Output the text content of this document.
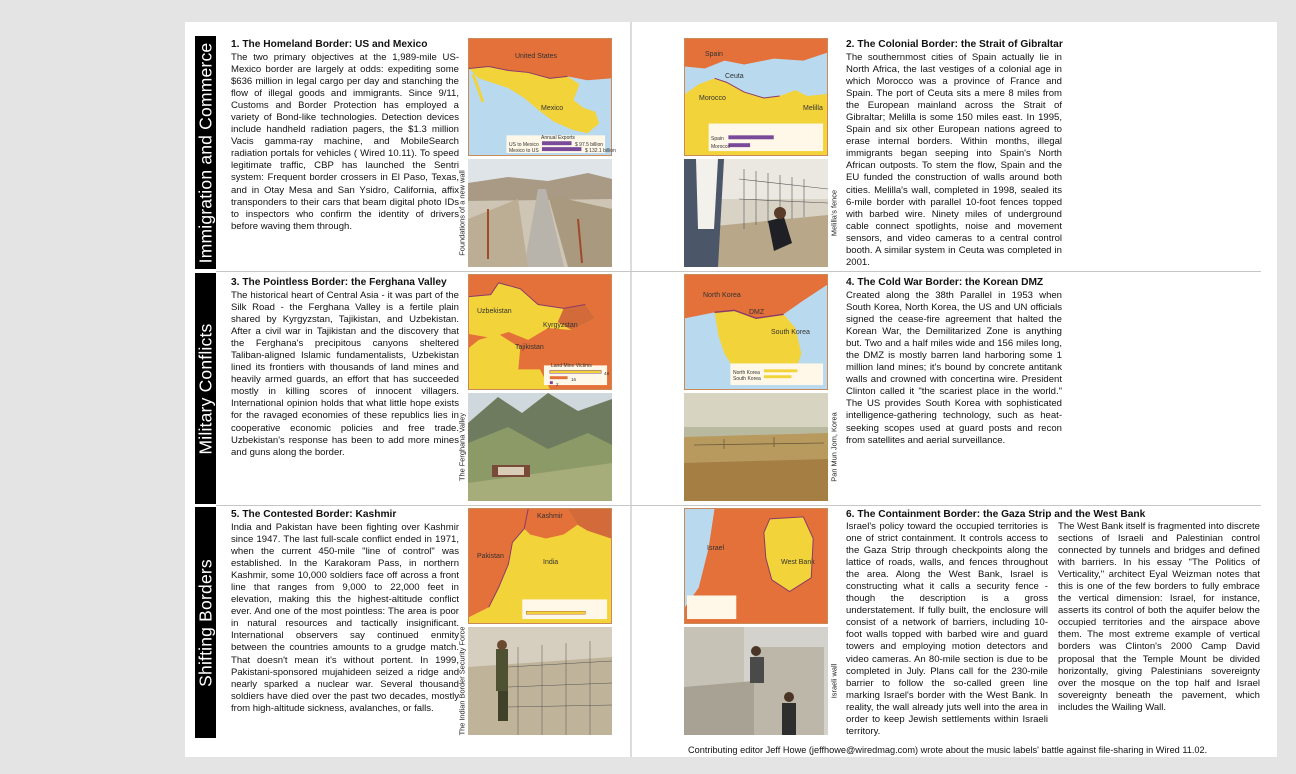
Immigration and Commerce
Military Conflicts
Shifting Borders
1. The Homeland Border: US and Mexico

The two primary objectives at the 1,989-mile US-Mexico border are largely at odds: expediting some $636 million in legal cargo per day and stanching the flow of illegal goods and immigrants. Since 9/11, Customs and Border Protection has employed a variety of Bond-like technologies. Detection devices include handheld radiation pagers, the $1.3 million Vacis gamma-ray machine, and MobileSearch radiation portals for vehicles ( Wired 10.11). To speed legitimate traffic, CBP has launched the Sentri system: Frequent border crossers in El Paso, Texas, and in Otay Mesa and San Ysidro, California, affix transponders to their cars that beam digital photo IDs to inspectors who confirm the identity of drivers before waving them through.

United States
Mexico
Annual Exports
US to Mexico
Mexico to US
$ 97.5 billion
$ 132.1 billion
Foundations of a new wall
Spain
Ceuta
Morocco
Melilla
Spain
Morocco
Melilla's fence
2. The Colonial Border: the Strait of Gibraltar

The southernmost cities of Spain actually lie in North Africa, the last vestiges of a colonial age in which Morocco was a province of France and Spain. The port of Ceuta sits a mere 8 miles from the European mainland across the Strait of Gibraltar; Melilla is some 150 miles east. In 1995, Spain and six other European nations agreed to erase internal borders. Within months, illegal immigrants began seeping into Spain's North African outposts. To stem the flow, Spain and the EU funded the construction of walls around both cities. Melilla's wall, completed in 1998, sealed its 6-mile border with parallel 10-foot fences topped with barbed wire. Ninety miles of underground cable connect spotlights, noise and movement sensors, and video cameras to a central control booth. A similar system in Ceuta was completed in 2001.

3. The Pointless Border: the Ferghana Valley

The historical heart of Central Asia - it was part of the Silk Road - the Ferghana Valley is a fertile plain shared by Kyrgyzstan, Tajikistan, and Uzbekistan. After a civil war in Tajikistan and the discovery that the Ferghana's precipitous canyons sheltered Taliban-aligned Islamic fundamentalists, Uzbekistan lined its frontiers with thousands of land mines and heavily armed guards, an effort that has succeeded mostly in killing scores of innocent villagers. International opinion holds that what little hope exists for the ravaged economies of these republics lies in cooperative economic policies and free trade. Uzbekistan's response has been to add more mines and guns along the border.

Uzbekistan
Kyrgyzstan
Tajikistan
Land Mine Victims
48
16
2
The Ferghana Valley
North Korea
DMZ
South Korea
North Korea
South Korea
Pan Mun Jom, Korea
4. The Cold War Border: the Korean DMZ

Created along the 38th Parallel in 1953 when South Korea, North Korea, the US and UN officials signed the cease-fire agreement that halted the Korean War, the Demilitarized Zone is anything but. Two and a half miles wide and 156 miles long, the DMZ is mostly barren land harboring some 1 million land mines; it's bound by concrete antitank walls and crowned with concertina wire. President Clinton called it "the scariest place in the world." The US provides South Korea with sophisticated intelligence-gathering technology, such as heat-seeking scopes used at guard posts and recon from satellites and aerial surveillance.

5. The Contested Border: Kashmir

India and Pakistan have been fighting over Kashmir since 1947. The last full-scale conflict ended in 1971, when the current 450-mile "line of control" was established. In the Karakoram Pass, in northern Kashmir, some 10,000 soldiers face off across a front line that ranges from 9,000 to 22,000 feet in elevation, making this the highest-altitude conflict ever. And one of the most pointless: The area is poor in natural resources and tactically insignificant. International observers say continued enmity between the countries amounts to a grudge match. That doesn't mean it's without portent. In 1999, Pakistani-sponsored mujahideen seized a ridge and nearly sparked a nuclear war. Several thousand soldiers have died over the past two decades, mostly from high-altitude sickness, avalanches, or falls.

Kashmir
Pakistan
India
The Indian Border Security Force
Israel
West Bank
Israeli wall
6. The Containment Border: the Gaza Strip and the West Bank

Israel's policy toward the occupied territories is one of strict containment. It controls access to the Gaza Strip through checkpoints along the lattice of roads, walls, and fences throughout the area. Along the West Bank, Israel is constructing what it calls a security fence - though the description is a gross understatement. If fully built, the enclosure will consist of a network of barriers, including 10-foot walls topped with barbed wire and guard towers and employing motion detectors and video cameras. An 80-mile section is due to be completed in July. Plans call for the 230-mile barrier to follow the so-called green line marking Israel's border with the West Bank. In reality, the wall already juts well into the area in order to keep Jewish settlements within Israeli territory.

The West Bank itself is fragmented into discrete sections of Israeli and Palestinian control connected by tunnels and bridges and defined with barriers. In his essay "The Politics of Verticality," architect Eyal Weizman notes that this is one of the few borders to fully embrace the vertical dimension: Israel, for instance, asserts its control of both the aquifer below the occupied territories and the airspace above them. The most extreme example of vertical borders was Clinton's 2000 Camp David proposal that the Temple Mount be divided horizontally, giving Palestinians sovereignty over the mosque on the top half and Israel sovereignty beneath the pavement, which includes the Wailing Wall.

Contributing editor Jeff Howe (jeffhowe@wiredmag.com) wrote about the music labels' battle against file-sharing in Wired 11.02.
